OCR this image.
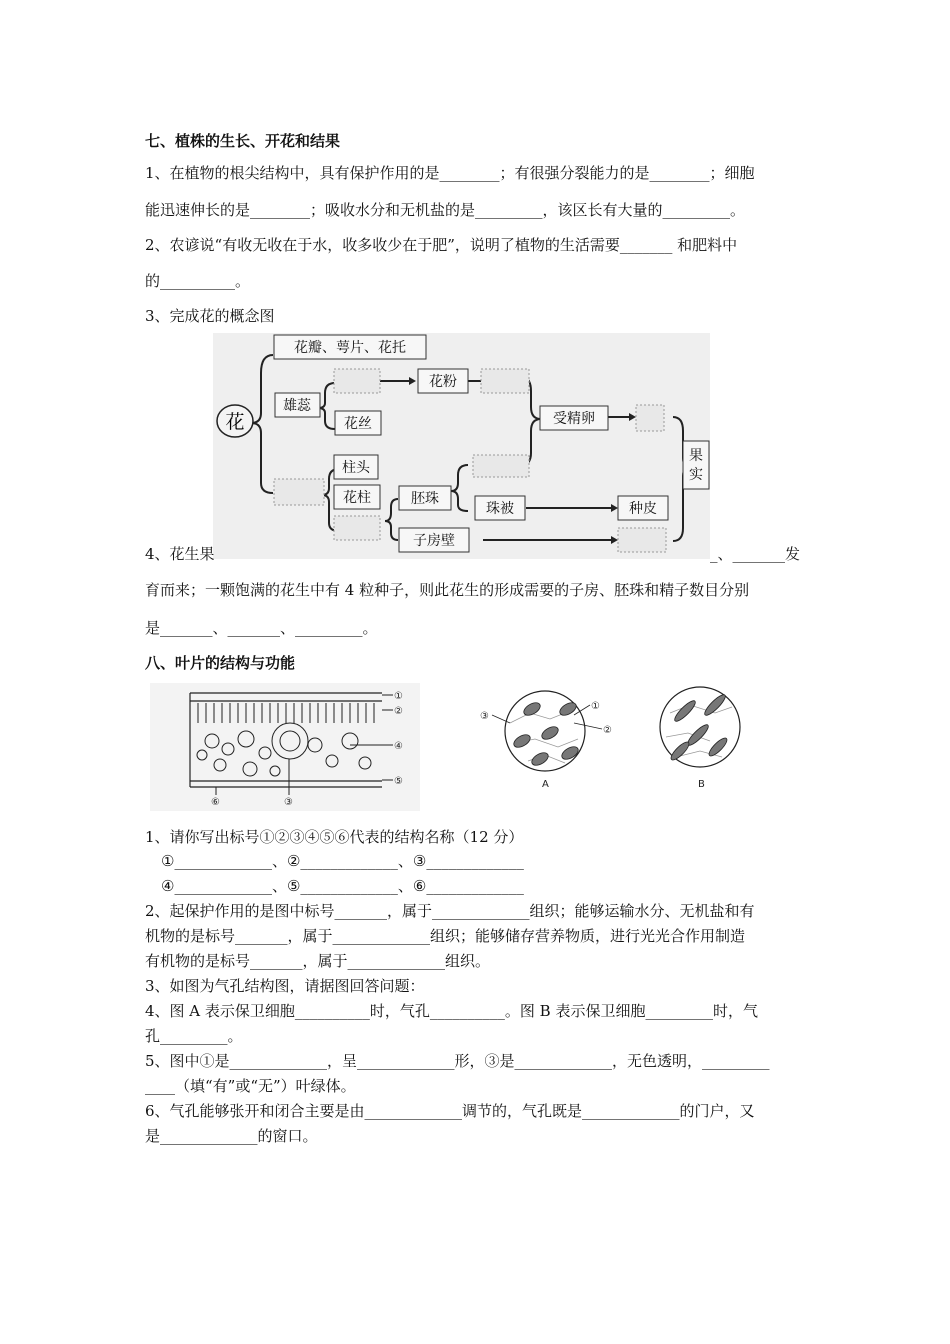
七、植株的生长、开花和结果
1、在植物的根尖结构中，具有保护作用的是________；有很强分裂能力的是________；细胞
能迅速伸长的是________；吸收水分和无机盐的是_________，该区长有大量的_________。
2、农谚说“有收无收在于水，收多收少在于肥”，说明了植物的生活需要_______ 和肥料中
的__________。
3、完成花的概念图
花
花瓣、萼片、花托
雄蕊
花粉
花丝	受精卵
柱头
花柱	胚珠
珠被	种皮
子房壁
果实
4、花生果	_、_______发
育而来；一颗饱满的花生中有 4 粒种子，则此花生的形成需要的子房、胚珠和精子数目分别
是_______、_______、_________。
八、叶片的结构与功能
①
②
④
⑤
⑥	③
③
①
②
A	B
1、请你写出标号①②③④⑤⑥代表的结构名称（12 分）
①_____________、②_____________、③_____________
④_____________、⑤_____________、⑥_____________
2、起保护作用的是图中标号_______，属于_____________组织；能够运输水分、无机盐和有
机物的是标号_______，属于_____________组织；能够储存营养物质，进行光光合作用制造
有机物的是标号_______，属于_____________组织。
3、如图为气孔结构图，请据图回答问题：
4、图 A 表示保卫细胞__________时，气孔__________。图 B 表示保卫细胞_________时，气
孔_________。
5、图中①是_____________，呈_____________形，③是_____________，无色透明，_________
____（填“有”或“无”）叶绿体。
6、气孔能够张开和闭合主要是由_____________调节的，气孔既是_____________的门户，又
是_____________的窗口。
